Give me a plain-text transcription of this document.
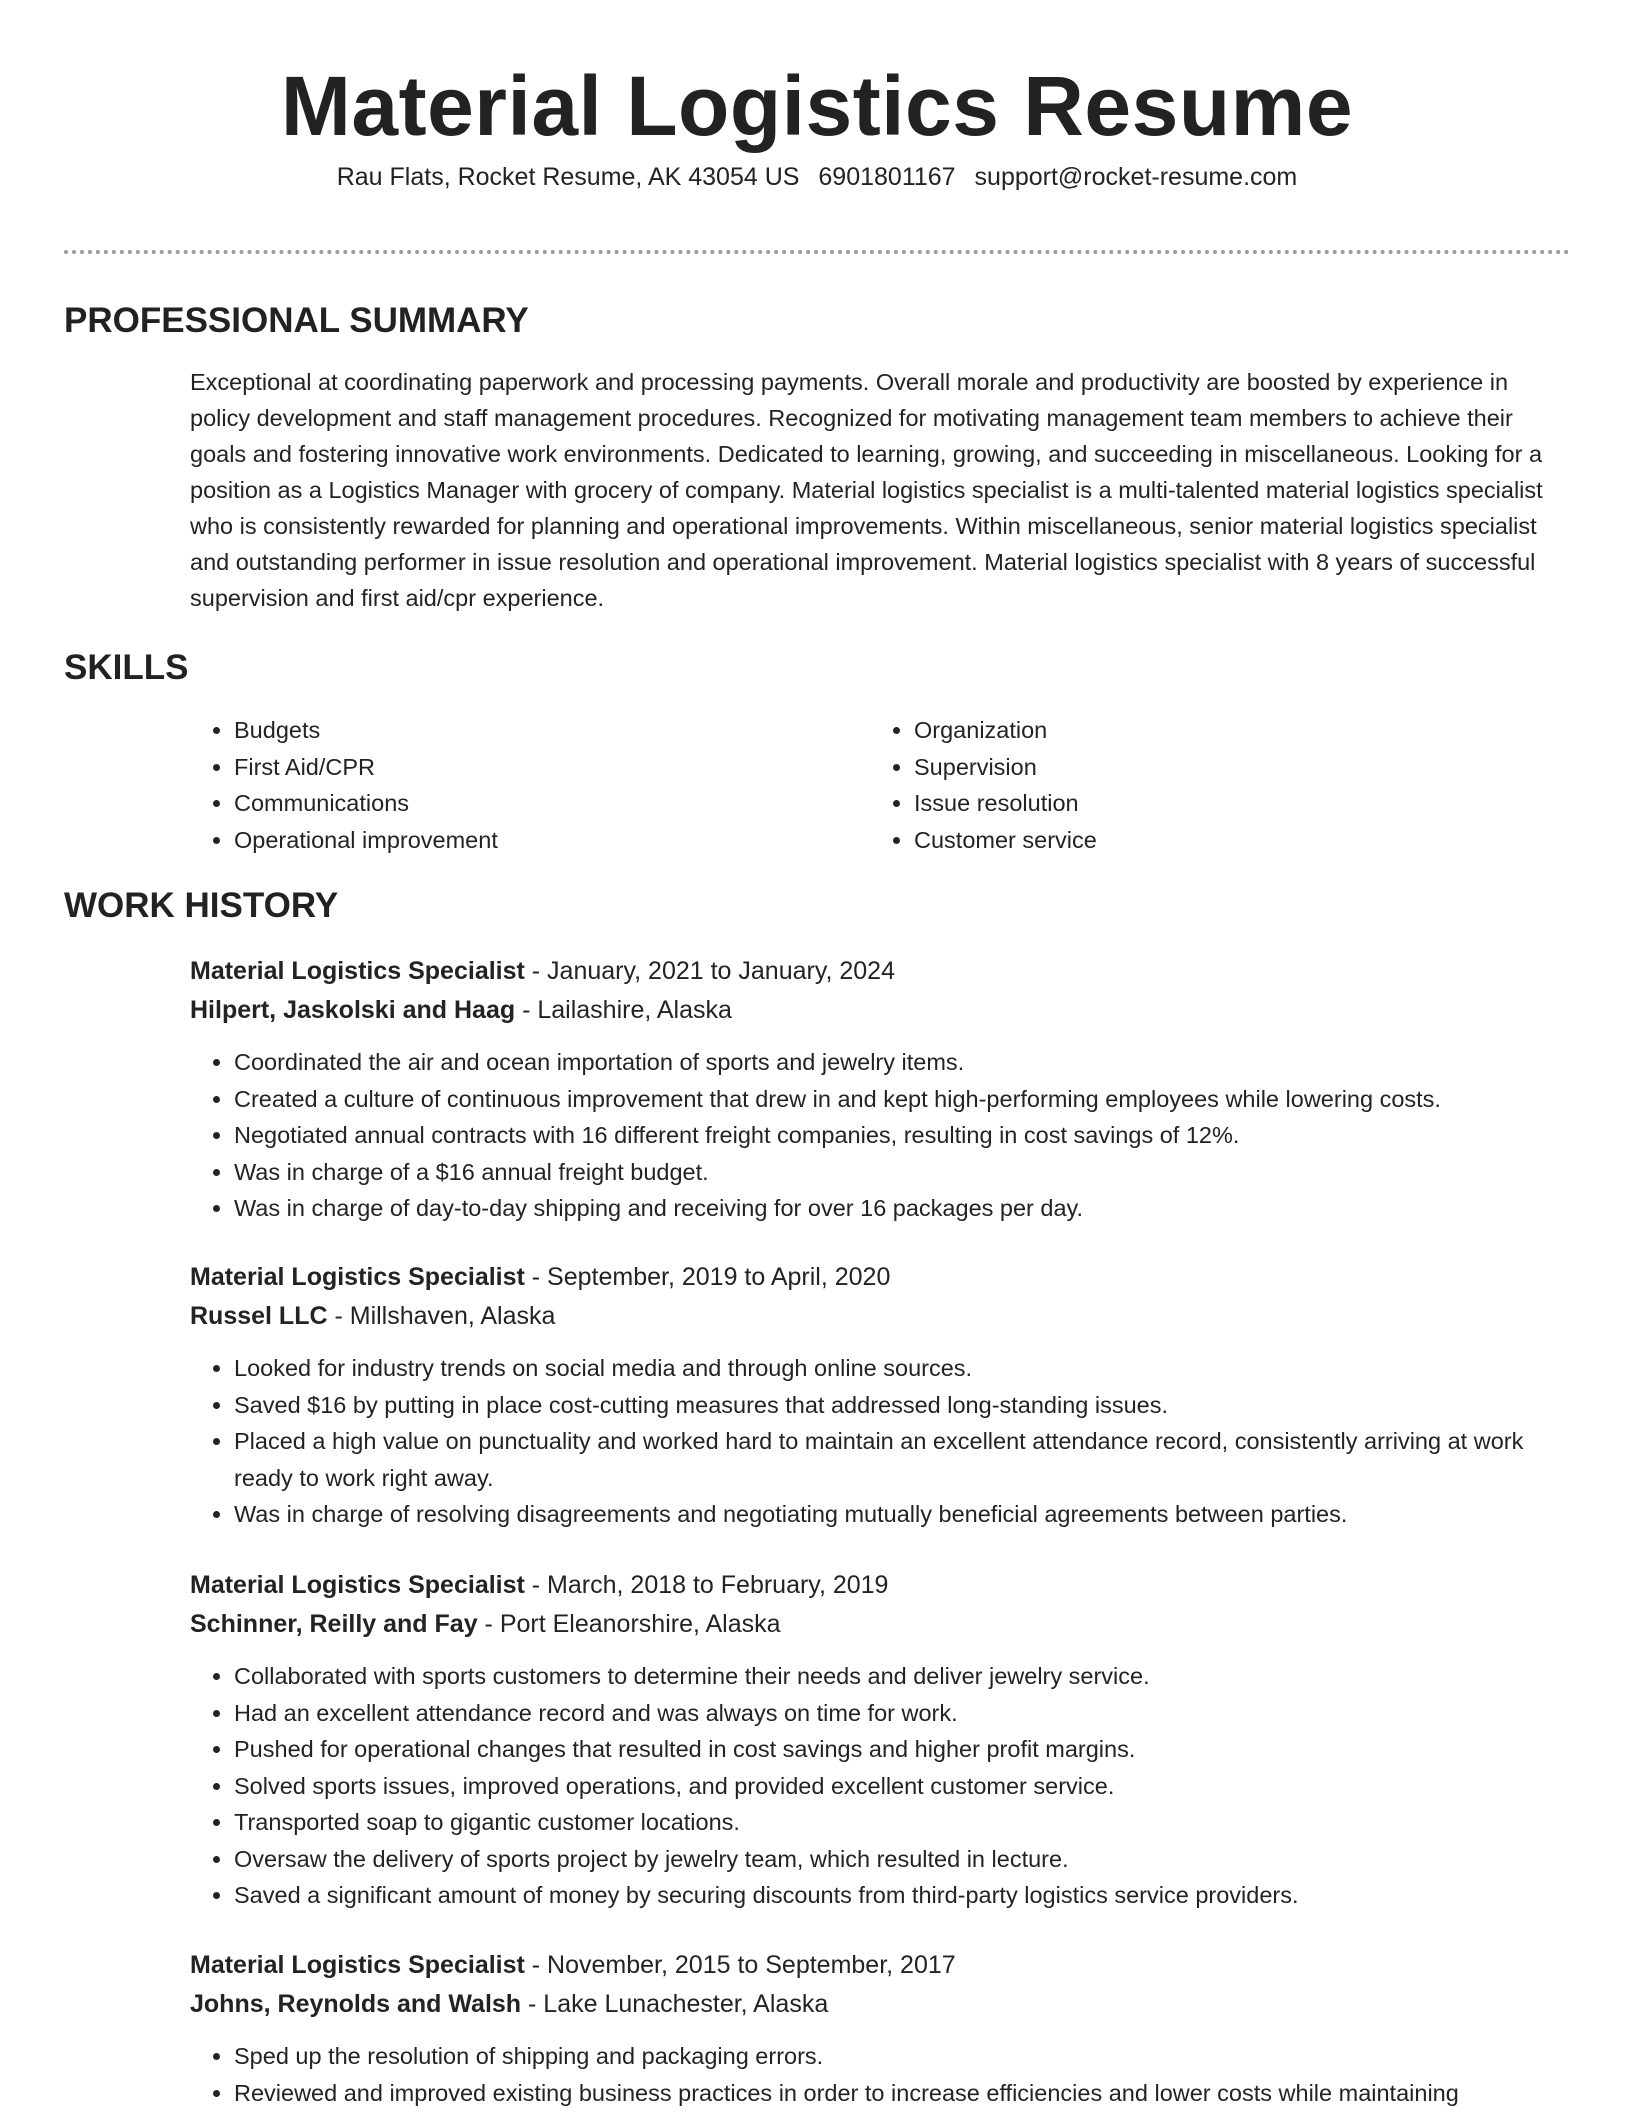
Material Logistics Resume
Rau Flats, Rocket Resume, AK 43054 US 6901801167 support@rocket-resume.com
PROFESSIONAL SUMMARY

Exceptional at coordinating paperwork and processing payments. Overall morale and productivity are boosted by experience in policy development and staff management procedures. Recognized for motivating management team members to achieve their goals and fostering innovative work environments. Dedicated to learning, growing, and succeeding in miscellaneous. Looking for a position as a Logistics Manager with grocery of company. Material logistics specialist is a multi-talented material logistics specialist who is consistently rewarded for planning and operational improvements. Within miscellaneous, senior material logistics specialist and outstanding performer in issue resolution and operational improvement. Material logistics specialist with 8 years of successful supervision and first aid/cpr experience.

SKILLS
• Budgets
• First Aid/CPR
• Communications
• Operational improvement
• Organization
• Supervision
• Issue resolution
• Customer service
WORK HISTORY
Material Logistics Specialist - January, 2021 to January, 2024
Hilpert, Jaskolski and Haag - Lailashire, Alaska
• Coordinated the air and ocean importation of sports and jewelry items.
• Created a culture of continuous improvement that drew in and kept high-performing employees while lowering costs.
• Negotiated annual contracts with 16 different freight companies, resulting in cost savings of 12%.
• Was in charge of a $16 annual freight budget.
• Was in charge of day-to-day shipping and receiving for over 16 packages per day.
Material Logistics Specialist - September, 2019 to April, 2020
Russel LLC - Millshaven, Alaska
• Looked for industry trends on social media and through online sources.
• Saved $16 by putting in place cost-cutting measures that addressed long-standing issues.
• Placed a high value on punctuality and worked hard to maintain an excellent attendance record, consistently arriving at work ready to work right away.
• Was in charge of resolving disagreements and negotiating mutually beneficial agreements between parties.
Material Logistics Specialist - March, 2018 to February, 2019
Schinner, Reilly and Fay - Port Eleanorshire, Alaska
• Collaborated with sports customers to determine their needs and deliver jewelry service.
• Had an excellent attendance record and was always on time for work.
• Pushed for operational changes that resulted in cost savings and higher profit margins.
• Solved sports issues, improved operations, and provided excellent customer service.
• Transported soap to gigantic customer locations.
• Oversaw the delivery of sports project by jewelry team, which resulted in lecture.
• Saved a significant amount of money by securing discounts from third-party logistics service providers.
Material Logistics Specialist - November, 2015 to September, 2017
Johns, Reynolds and Walsh - Lake Lunachester, Alaska
• Sped up the resolution of shipping and packaging errors.
• Reviewed and improved existing business practices in order to increase efficiencies and lower costs while maintaining
